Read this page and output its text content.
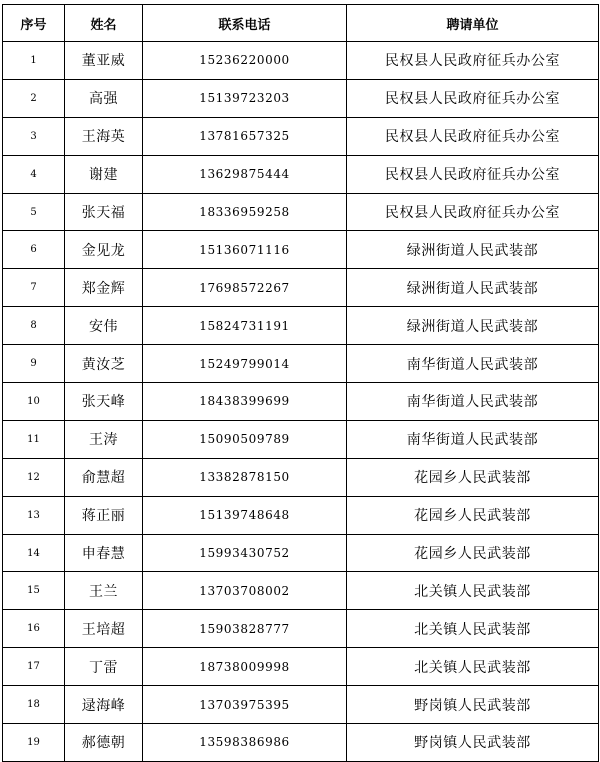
序号	姓名	联系电话	聘请单位
1	董亚威	15236220000	民权县人民政府征兵办公室
2	高强	15139723203	民权县人民政府征兵办公室
3	王海英	13781657325	民权县人民政府征兵办公室
4	谢建	13629875444	民权县人民政府征兵办公室
5	张天福	18336959258	民权县人民政府征兵办公室
6	金见龙	15136071116	绿洲街道人民武装部
7	郑金辉	17698572267	绿洲街道人民武装部
8	安伟	15824731191	绿洲街道人民武装部
9	黄汝芝	15249799014	南华街道人民武装部
10	张天峰	18438399699	南华街道人民武装部
11	王涛	15090509789	南华街道人民武装部
12	俞慧超	13382878150	花园乡人民武装部
13	蒋正丽	15139748648	花园乡人民武装部
14	申春慧	15993430752	花园乡人民武装部
15	王兰	13703708002	北关镇人民武装部
16	王培超	15903828777	北关镇人民武装部
17	丁雷	18738009998	北关镇人民武装部
18	逯海峰	13703975395	野岗镇人民武装部
19	郝德朝	13598386986	野岗镇人民武装部
